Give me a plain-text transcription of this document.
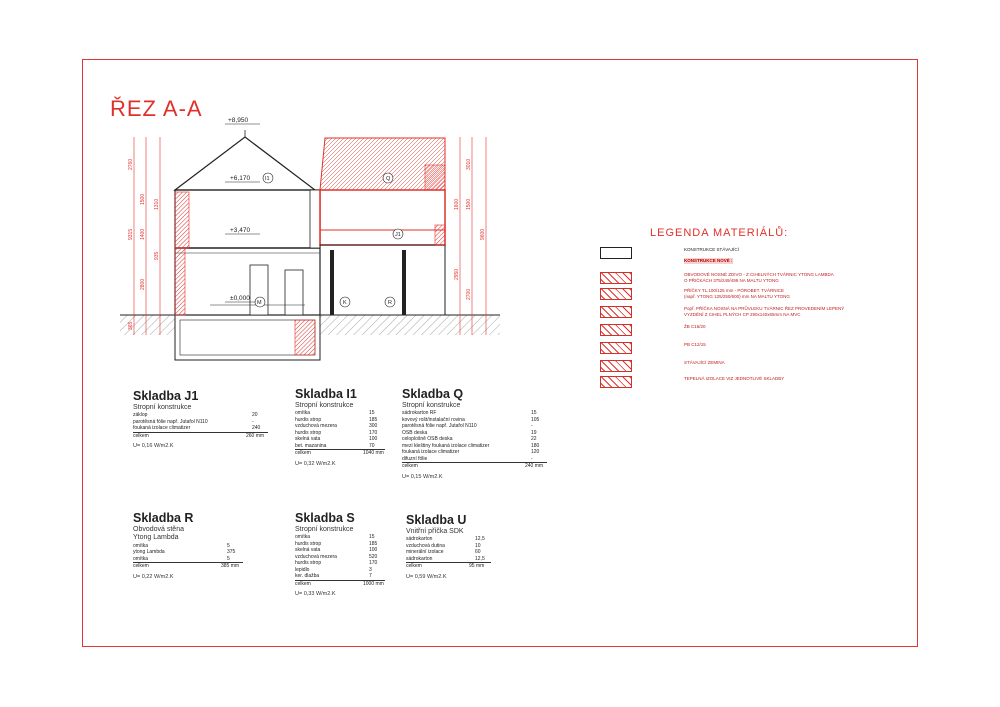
ŘEZ A-A	+8,950
+6,170
+3,470
±0,000
2760
1500
1400
9315
1310
2800
365
935
3010
1500
9600
1600
2700
2950
I1	Q
J1
M	K	R
LEGENDA MATERIÁLŮ:
KONSTRUKCE STÁVAJÍCÍ
KONSTRUKCE NOVÉ :
OBVODOVÉ NOSNÉ ZDIVO - Z CIHELNÝCH TVÁRNIC YTONG LAMBDA
O PŘIČKÁCH 375/249/499 NA MALTU YTONG
PŘÍČKY TL.100/125 mm - PÓROBET. TVÁRNICE
(např. YTONG 125/250/600) mm NA MALTU YTONG
Popř. PŘÍČKA NOSNÁ NA PRŮVLEKU TVÁRNIC ŘEZ PROVEDENÍM LEPENÝ
VYZDĚNÍ Z CIHEL PLNÝCH CP 290x140x65mm NA MVC
ŽB C16/20
PB C12/15
STÁVAJÍCÍ ZEMINA
TEPELNÁ IZOLACE VIZ JEDNOTLIVÉ SKLADBY
Skladba J1
Stropní konstrukce
záklop	20
parotěsná fólie např. Jutafol N110	-
foukaná izolace climatizer	240
celkem	260 mm
U= 0,16 W/m2.K
Skladba I1
Stropní konstrukce
omítka	15
hurdis strop	185
vzduchová mezera	300
hurdis strop	170
skelná vata	100
bet. mazanina	70
celkem	1040 mm
U= 0,32 W/m2.K
Skladba Q
Stropní konstrukce
sádrokarton RF	15
kovový rošt/instalační rovina	105
parotěsná fólie např. Jutafol N110	-
OSB deska	19
celoplošně OSB deska	22
mezi kleštiny foukaná izolace climatizer	180
foukaná izolace climatizer	120
difuzní fólie	-
celkem	240 mm
U= 0,15 W/m2.K
Skladba R
Obvodová stěna
Ytong Lambda
omítka	5
ytong Lambda	375
omítka	5
celkem	385 mm
U= 0,22 W/m2.K
Skladba S
Stropní konstrukce
omítka	15
hurdis strop	185
skelná vata	100
vzduchová mezera	520
hurdis strop	170
lepidlo	3
ker. dlažba	7
celkem	1000 mm
U= 0,33 W/m2.K
Skladba U
Vnitřní příčka SDK
sádrokarton	12,5
vzduchová dutina	10
minerální izolace	60
sádrokarton	12,5
celkem	95 mm
U= 0,59 W/m2.K
